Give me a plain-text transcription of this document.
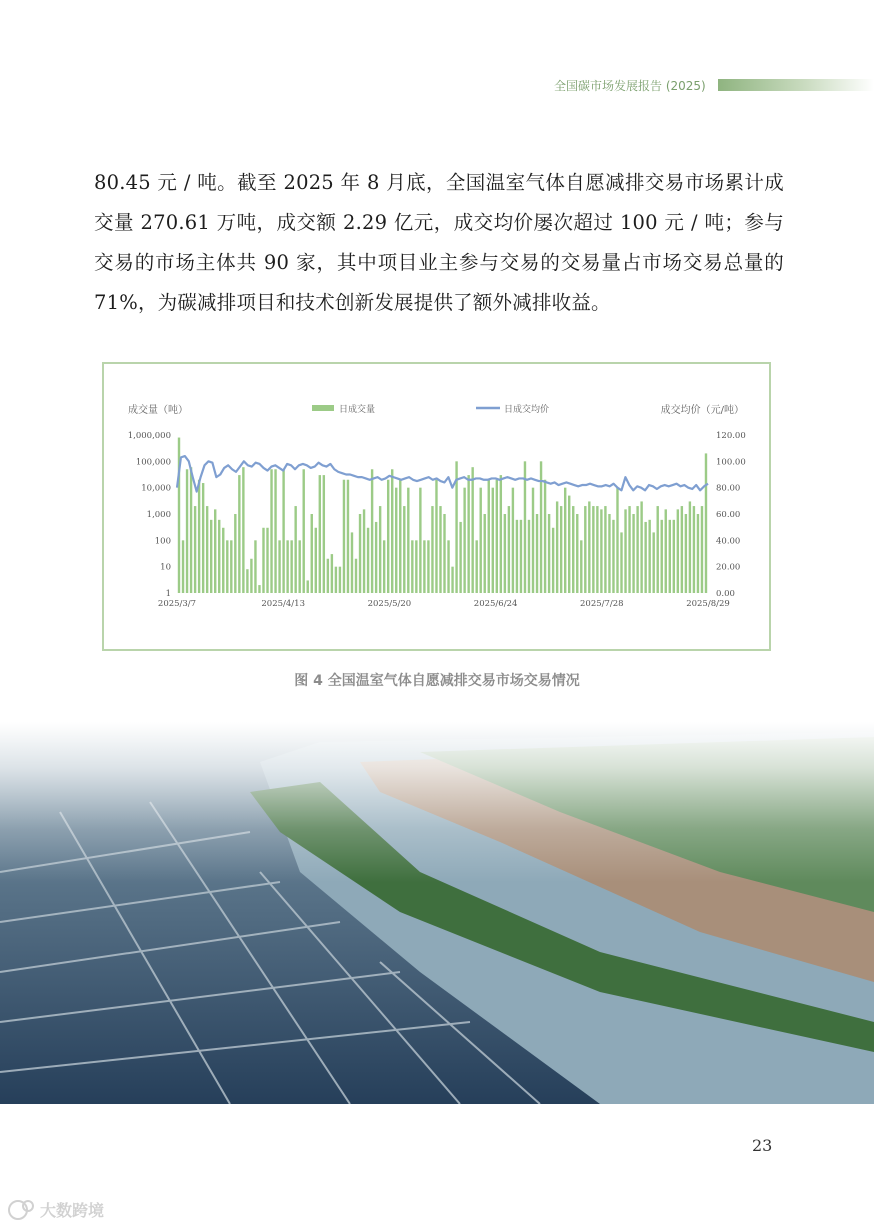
全国碳市场发展报告 (2025)

80.45 元 / 吨。截至 2025 年 8 月底，全国温室气体自愿减排交易市场累计成交量 270.61 万吨，成交额 2.29 亿元，成交均价屡次超过 100 元 / 吨；参与交易的市场主体共 90 家，其中项目业主参与交易的交易量占市场交易总量的 71%，为碳减排项目和技术创新发展提供了额外减排收益。

成交量（吨）	成交均价（元/吨）
日成交量	日成交均价
1,000,000
100,000
10,000
1,000
100
10
1
120.00
100.00
80.00
60.00
40.00
20.00
0.00
2025/3/7	2025/4/13	2025/5/20	2025/6/24	2025/7/28	2025/8/29
图 4 全国温室气体自愿减排交易市场交易情况
23
大数跨境
